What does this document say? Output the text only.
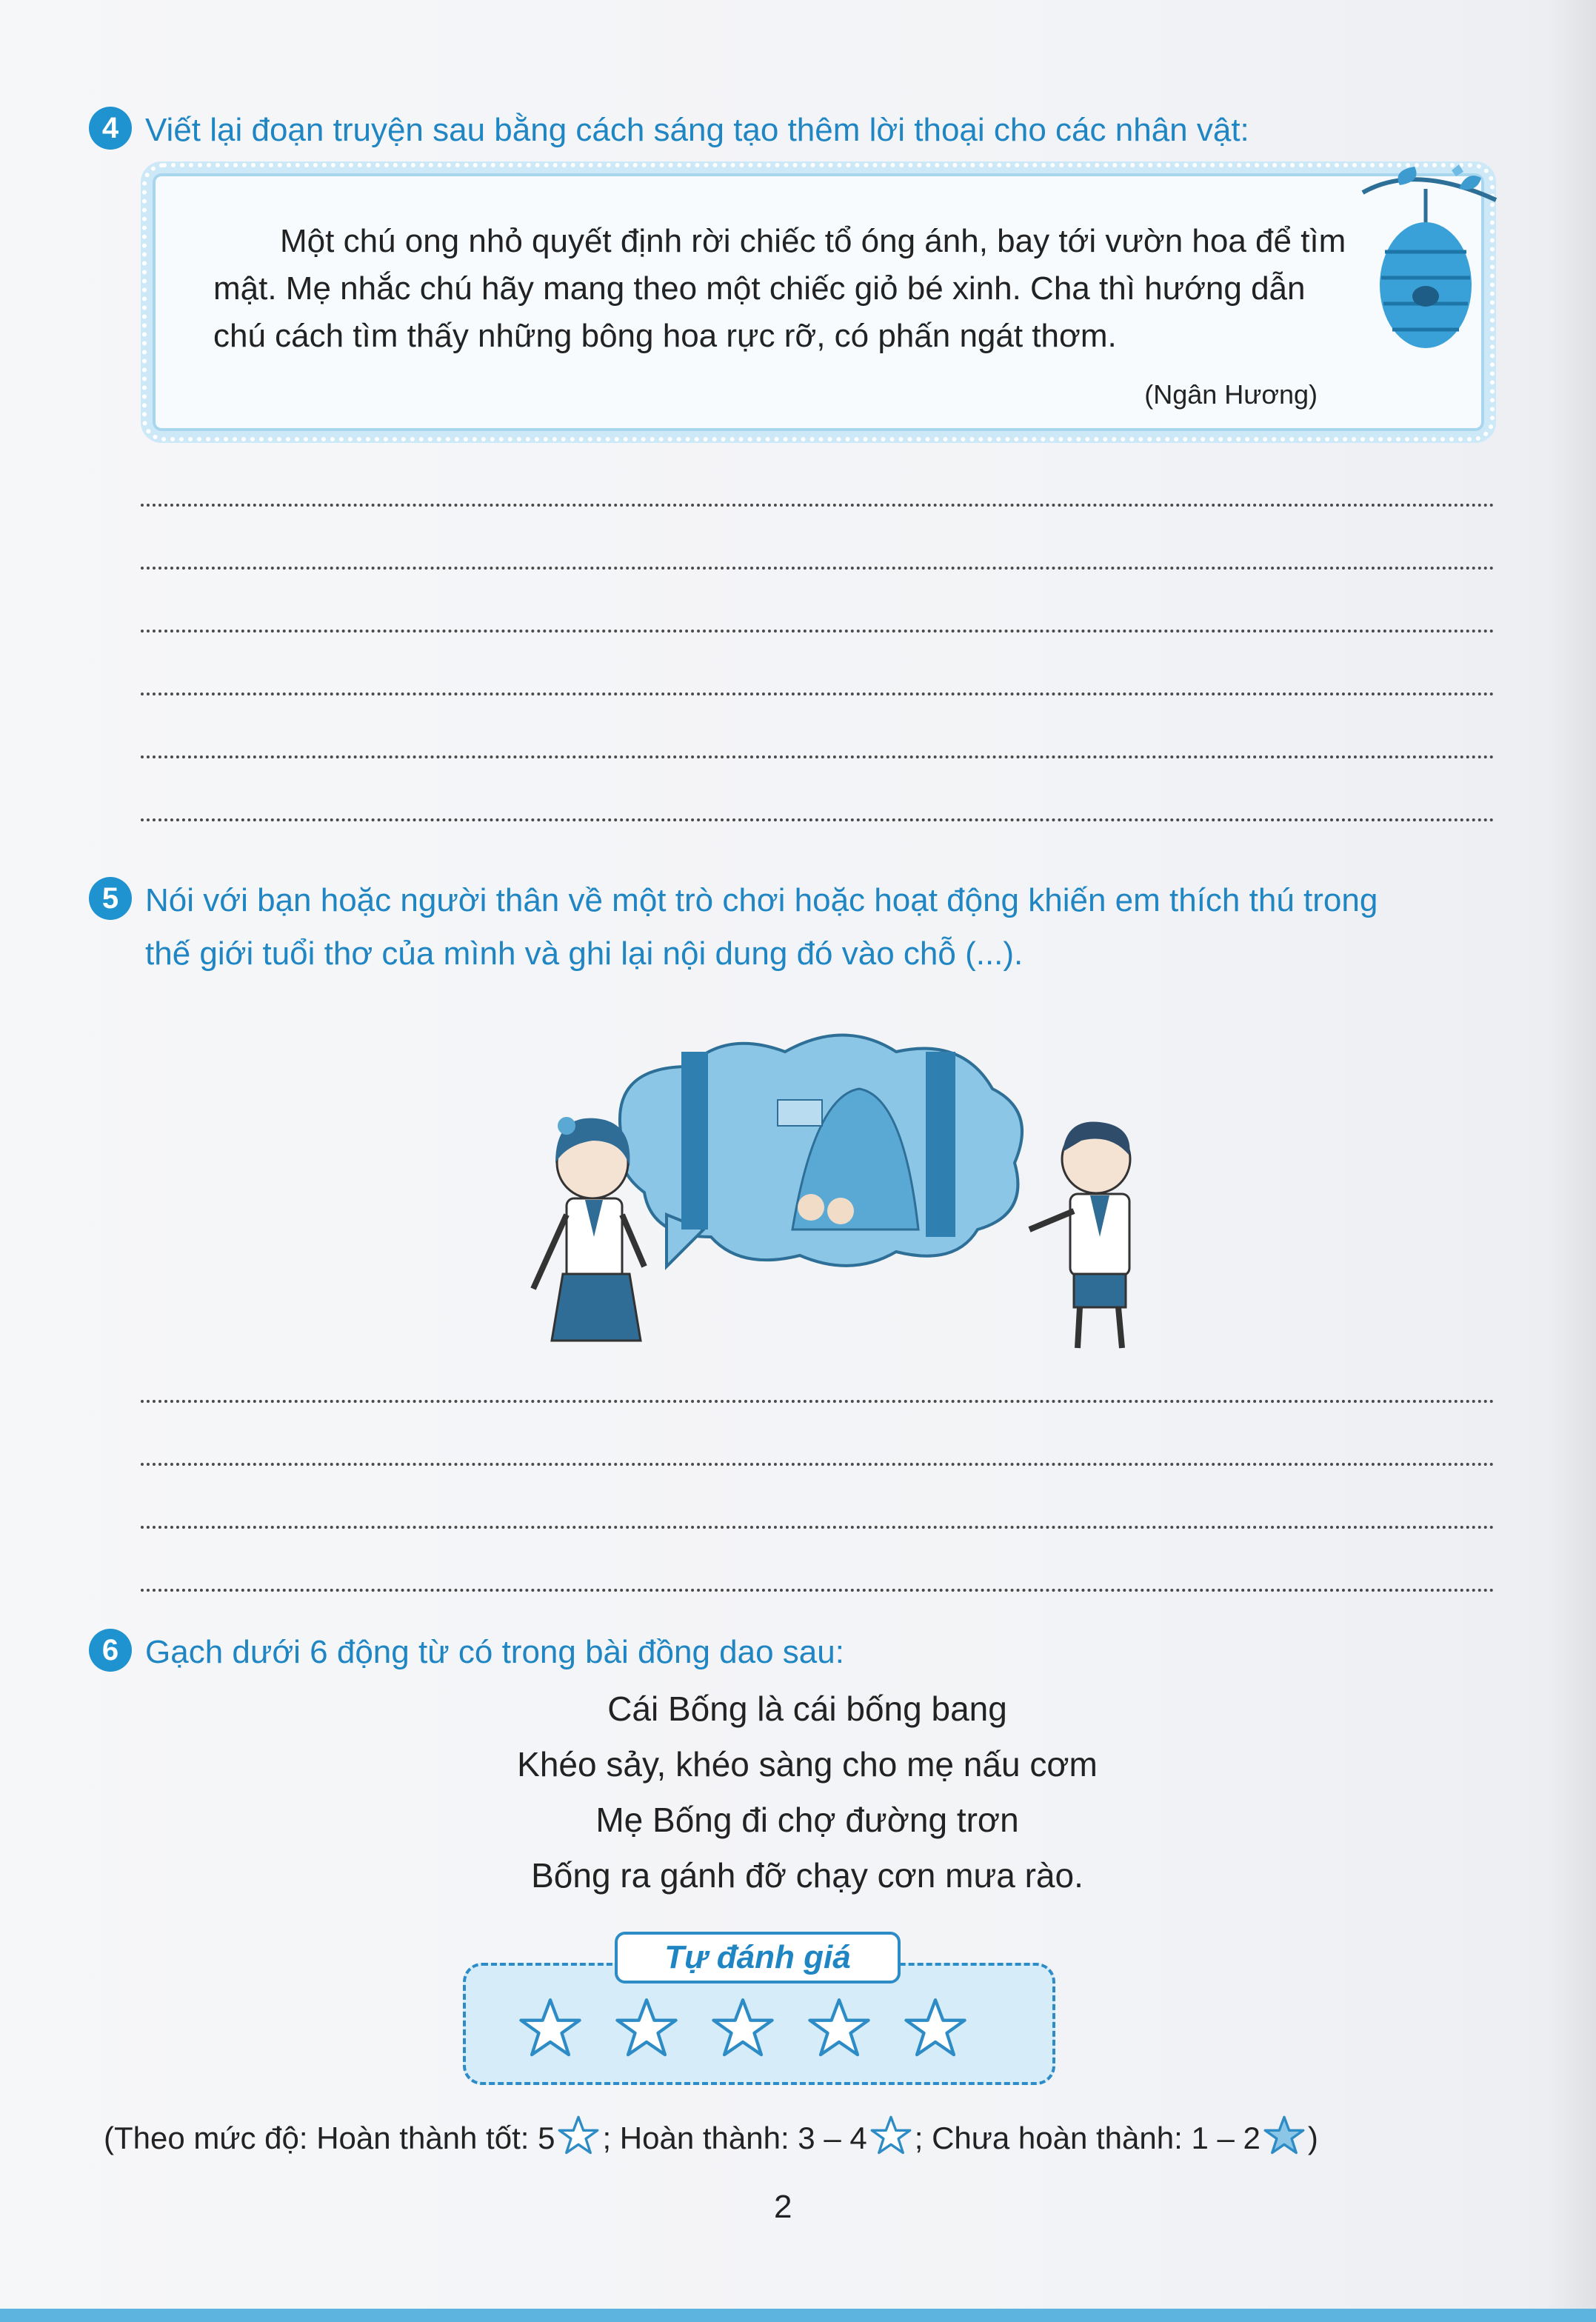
4 Viết lại đoạn truyện sau bằng cách sáng tạo thêm lời thoại cho các nhân vật:
Một chú ong nhỏ quyết định rời chiếc tổ óng ánh, bay tới vườn hoa để tìm mật. Mẹ nhắc chú hãy mang theo một chiếc giỏ bé xinh. Cha thì hướng dẫn chú cách tìm thấy những bông hoa rực rỡ, có phấn ngát thơm.
(Ngân Hương)
5 Nói với bạn hoặc người thân về một trò chơi hoặc hoạt động khiến em thích thú trong
thế giới tuổi thơ của mình và ghi lại nội dung đó vào chỗ (...).
6 Gạch dưới 6 động từ có trong bài đồng dao sau:
Cái Bống là cái bống bang
Khéo sảy, khéo sàng cho mẹ nấu cơm
Mẹ Bống đi chợ đường trơn
Bống ra gánh đỡ chạy cơn mưa rào.
Tự đánh giá
(Theo mức độ: Hoàn thành tốt: 5 ; Hoàn thành: 3 – 4 ; Chưa hoàn thành: 1 – 2 )
2
